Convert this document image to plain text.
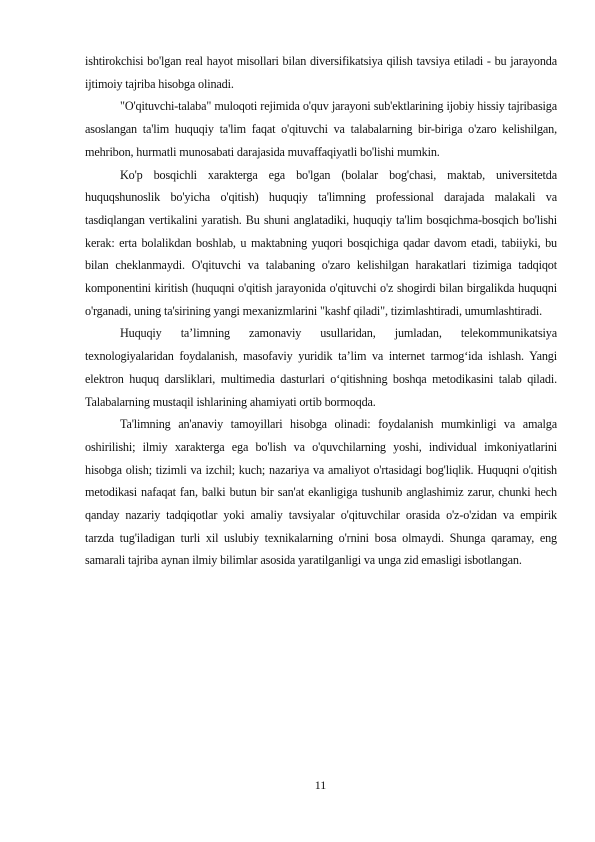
ishtirokchisi bo'lgan real hayot misollari bilan diversifikatsiya qilish tavsiya etiladi - bu jarayonda ijtimoiy tajriba hisobga olinadi.

"O'qituvchi-talaba" muloqoti rejimida o'quv jarayoni sub'ektlarining ijobiy hissiy tajribasiga asoslangan ta'lim huquqiy ta'lim faqat o'qituvchi va talabalarning bir-biriga o'zaro kelishilgan, mehribon, hurmatli munosabati darajasida muvaffaqiyatli bo'lishi mumkin.

Ko'p bosqichli xarakterga ega bo'lgan (bolalar bog'chasi, maktab, universitetda huquqshunoslik bo'yicha o'qitish) huquqiy ta'limning professional darajada malakali va tasdiqlangan vertikalini yaratish. Bu shuni anglatadiki, huquqiy ta'lim bosqichma-bosqich bo'lishi kerak: erta bolalikdan boshlab, u maktabning yuqori bosqichiga qadar davom etadi, tabiiyki, bu bilan cheklanmaydi. O'qituvchi va talabaning o'zaro kelishilgan harakatlari tizimiga tadqiqot komponentini kiritish (huquqni o'qitish jarayonida o'qituvchi o'z shogirdi bilan birgalikda huquqni o'rganadi, uning ta'sirining yangi mexanizmlarini "kashf qiladi", tizimlashtiradi, umumlashtiradi.

Huquqiy ta’limning zamonaviy usullaridan, jumladan, telekommunikatsiya texnologiyalaridan foydalanish, masofaviy yuridik ta’lim va internet tarmog‘ida ishlash. Yangi elektron huquq darsliklari, multimedia dasturlari o‘qitishning boshqa metodikasini talab qiladi. Talabalarning mustaqil ishlarining ahamiyati ortib bormoqda.

Ta'limning an'anaviy tamoyillari hisobga olinadi: foydalanish mumkinligi va amalga oshirilishi; ilmiy xarakterga ega bo'lish va o'quvchilarning yoshi, individual imkoniyatlarini hisobga olish; tizimli va izchil; kuch; nazariya va amaliyot o'rtasidagi bog'liqlik. Huquqni o'qitish metodikasi nafaqat fan, balki butun bir san'at ekanligiga tushunib anglashimiz zarur, chunki hech qanday nazariy tadqiqotlar yoki amaliy tavsiyalar o'qituvchilar orasida o'z-o'zidan va empirik tarzda tug'iladigan turli xil uslubiy texnikalarning o'rnini bosa olmaydi. Shunga qaramay, eng samarali tajriba aynan ilmiy bilimlar asosida yaratilganligi va unga zid emasligi isbotlangan.

11
